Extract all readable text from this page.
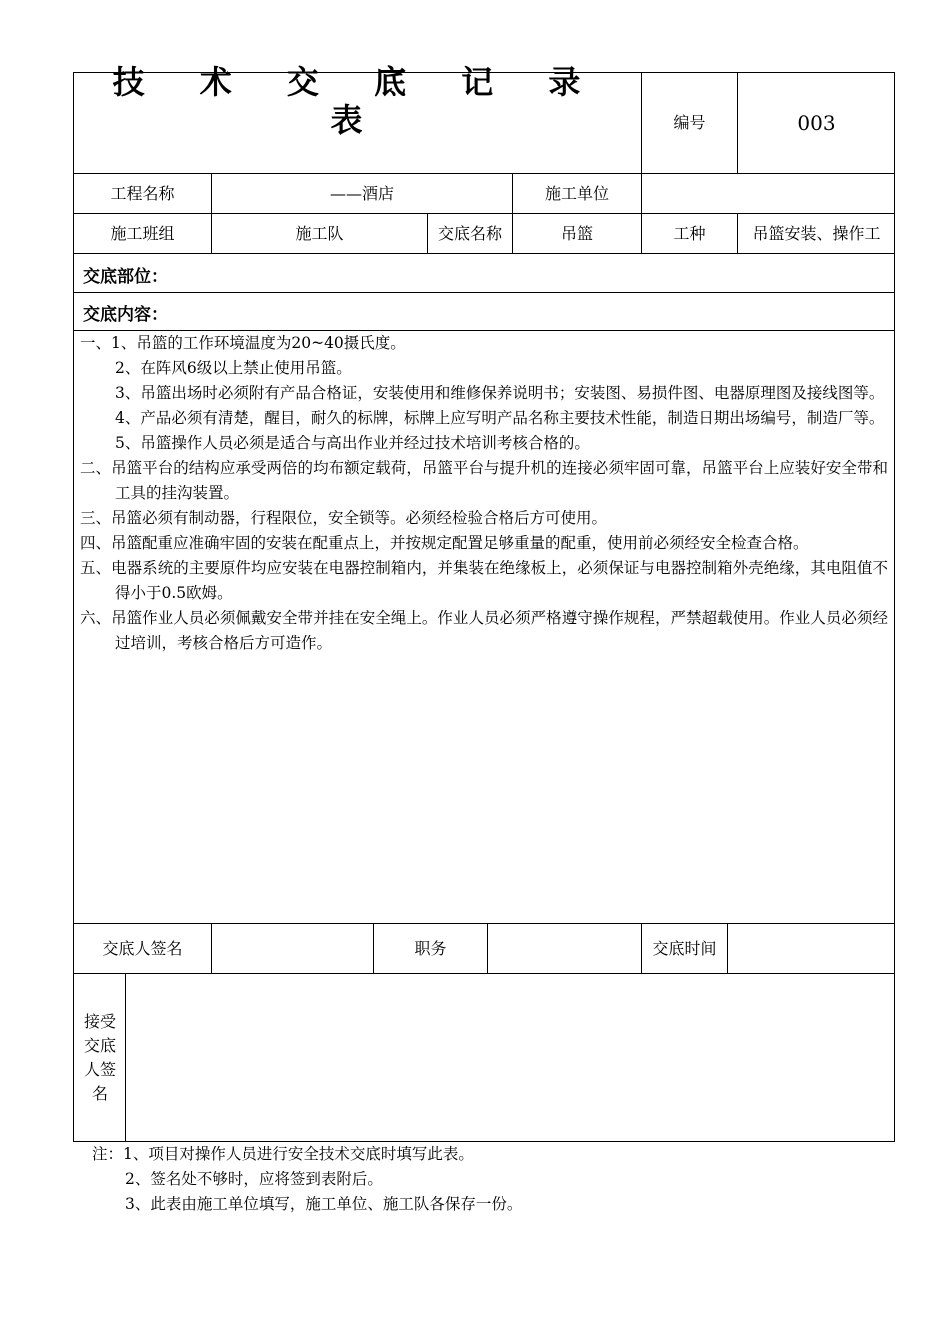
技 术 交 底 记 录 表	编号	003
工程名称	——酒店	施工单位
施工班组	施工队	交底名称	吊篮	工种	吊篮安装、操作工
交底部位：
交底内容：

一、1、吊篮的工作环境温度为20~40摄氏度。

2、在阵风6级以上禁止使用吊篮。

3、吊篮出场时必须附有产品合格证，安装使用和维修保养说明书；安装图、易损件图、电器原理图及接线图等。

4、产品必须有清楚，醒目，耐久的标牌，标牌上应写明产品名称主要技术性能，制造日期出场编号，制造厂等。

5、吊篮操作人员必须是适合与高出作业并经过技术培训考核合格的。

二、吊篮平台的结构应承受两倍的均布额定载荷，吊篮平台与提升机的连接必须牢固可靠，吊篮平台上应装好安全带和工具的挂沟装置。

三、吊篮必须有制动器，行程限位，安全锁等。必须经检验合格后方可使用。

四、吊篮配重应准确牢固的安装在配重点上，并按规定配置足够重量的配重，使用前必须经安全检查合格。

五、电器系统的主要原件均应安装在电器控制箱内，并集装在绝缘板上，必须保证与电器控制箱外壳绝缘，其电阻值不得小于0.5欧姆。

六、吊篮作业人员必须佩戴安全带并挂在安全绳上。作业人员必须严格遵守操作规程，严禁超载使用。作业人员必须经过培训，考核合格后方可造作。

交底人签名	职务	交底时间
接受交底人签名

注：1、项目对操作人员进行安全技术交底时填写此表。

2、签名处不够时，应将签到表附后。

3、此表由施工单位填写，施工单位、施工队各保存一份。
